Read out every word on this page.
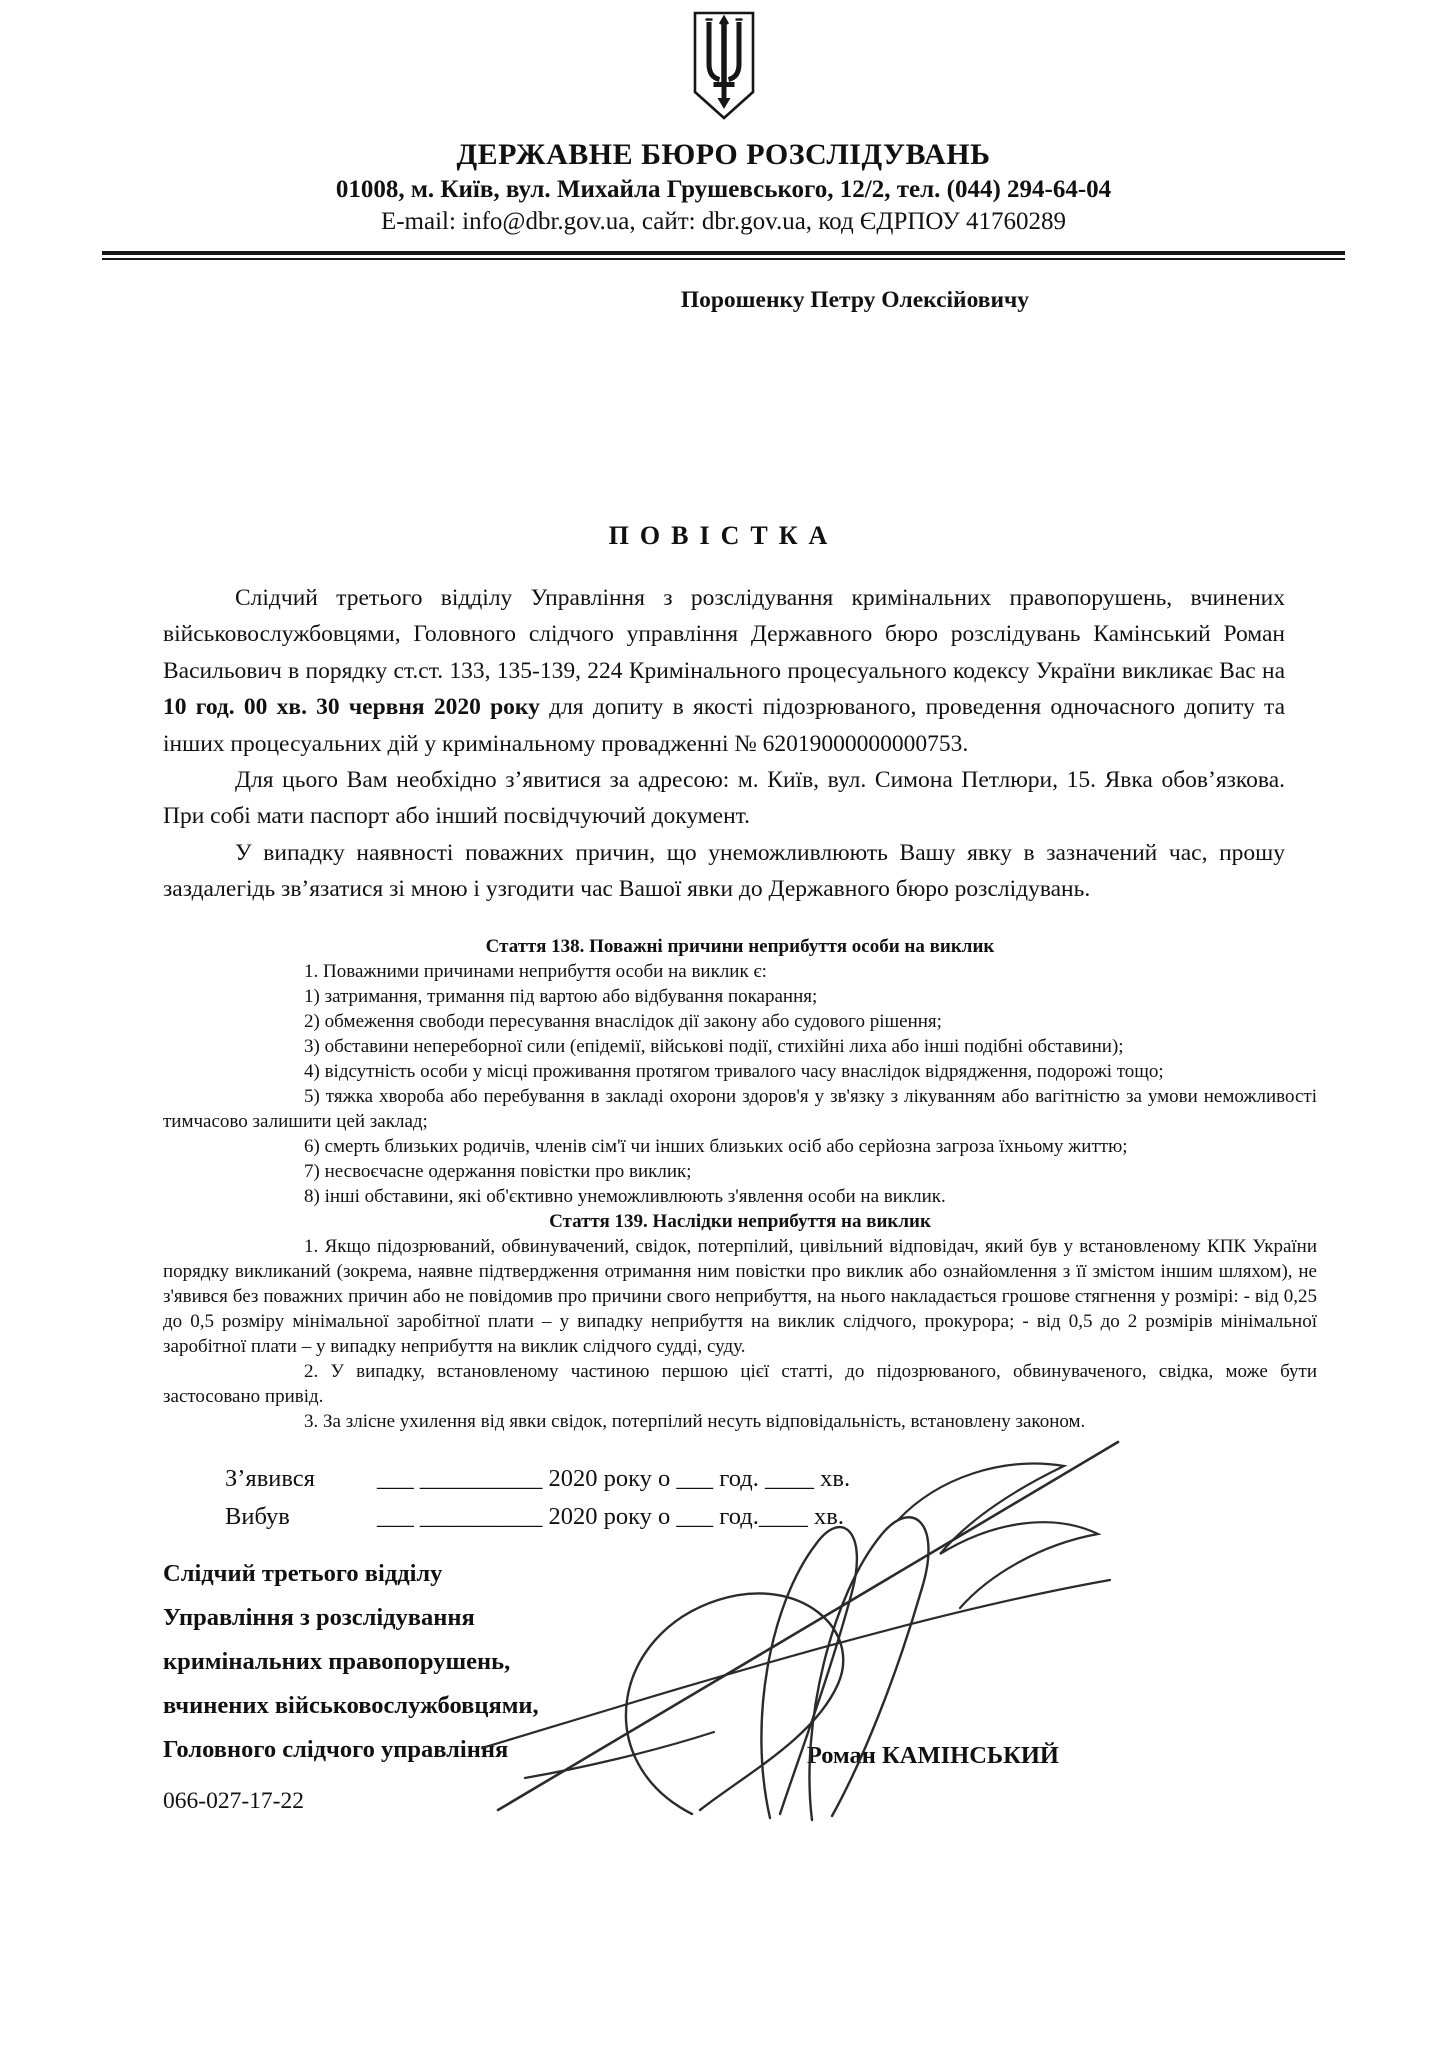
ДЕРЖАВНЕ БЮРО РОЗСЛІДУВАНЬ
01008, м. Київ, вул. Михайла Грушевського, 12/2, тел. (044) 294-64-04
E-mail: info@dbr.gov.ua, сайт: dbr.gov.ua, код ЄДРПОУ 41760289
Порошенку Петру Олексійовичу
ПОВІСТКА

Слідчий третього відділу Управління з розслідування кримінальних правопорушень, вчинених військовослужбовцями, Головного слідчого управління Державного бюро розслідувань Камінський Роман Васильович в порядку ст.ст. 133, 135-139, 224 Кримінального процесуального кодексу України викликає Вас на 10 год. 00 хв. 30 червня 2020 року для допиту в якості підозрюваного, проведення одночасного допиту та інших процесуальних дій у кримінальному провадженні № 62019000000000753.

Для цього Вам необхідно з’явитися за адресою: м. Київ, вул. Симона Петлюри, 15. Явка обов’язкова. При собі мати паспорт або інший посвідчуючий документ.

У випадку наявності поважних причин, що унеможливлюють Вашу явку в зазначений час, прошу заздалегідь зв’язатися зі мною і узгодити час Вашої явки до Державного бюро розслідувань.

Стаття 138. Поважні причини неприбуття особи на виклик

1. Поважними причинами неприбуття особи на виклик є:

1) затримання, тримання під вартою або відбування покарання;

2) обмеження свободи пересування внаслідок дії закону або судового рішення;

3) обставини непереборної сили (епідемії, військові події, стихійні лиха або інші подібні обставини);

4) відсутність особи у місці проживання протягом тривалого часу внаслідок відрядження, подорожі тощо;

5) тяжка хвороба або перебування в закладі охорони здоров'я у зв'язку з лікуванням або вагітністю за умови неможливості тимчасово залишити цей заклад;

6) смерть близьких родичів, членів сім'ї чи інших близьких осіб або серйозна загроза їхньому життю;

7) несвоєчасне одержання повістки про виклик;

8) інші обставини, які об'єктивно унеможливлюють з'явлення особи на виклик.

Стаття 139. Наслідки неприбуття на виклик

1. Якщо підозрюваний, обвинувачений, свідок, потерпілий, цивільний відповідач, який був у встановленому КПК України порядку викликаний (зокрема, наявне підтвердження отримання ним повістки про виклик або ознайомлення з її змістом іншим шляхом), не з'явився без поважних причин або не повідомив про причини свого неприбуття, на нього накладається грошове стягнення у розмірі: - від 0,25 до 0,5 розміру мінімальної заробітної плати – у випадку неприбуття на виклик слідчого, прокурора; - від 0,5 до 2 розмірів мінімальної заробітної плати – у випадку неприбуття на виклик слідчого судді, суду.

2. У випадку, встановленому частиною першою цієї статті, до підозрюваного, обвинуваченого, свідка, може бути застосовано привід.

3. За злісне ухилення від явки свідок, потерпілий несуть відповідальність, встановлену законом.

З’явився	___ __________ 2020 року о ___ год. ____ хв.
Вибув	___ __________ 2020 року о ___ год.____ хв.
Слідчий третього відділу
Управління з розслідування
кримінальних правопорушень,
вчинених військовослужбовцями,
Головного слідчого управління	Роман КАМІНСЬКИЙ
066-027-17-22
